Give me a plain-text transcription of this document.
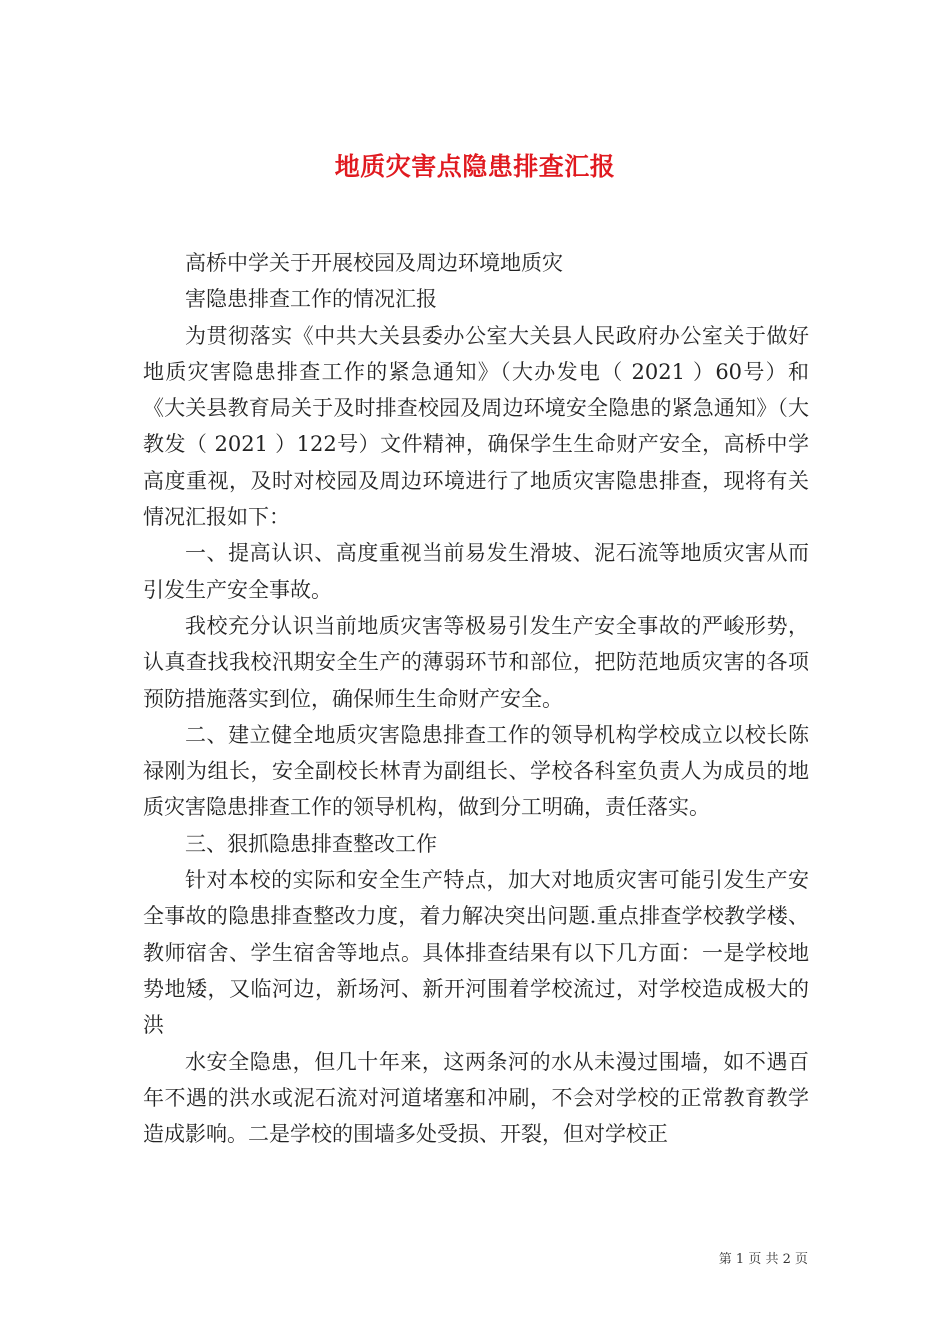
地质灾害点隐患排查汇报

高桥中学关于开展校园及周边环境地质灾

害隐患排查工作的情况汇报

为贯彻落实《中共大关县委办公室大关县人民政府办公室关于做好地质灾害隐患排查工作的紧急通知》（大办发电（ 2021 ）60号）和《大关县教育局关于及时排查校园及周边环境安全隐患的紧急通知》（大教发（ 2021 ）122号）文件精神，确保学生生命财产安全，高桥中学高度重视，及时对校园及周边环境进行了地质灾害隐患排查，现将有关情况汇报如下：

一、提高认识、高度重视当前易发生滑坡、泥石流等地质灾害从而引发生产安全事故。

我校充分认识当前地质灾害等极易引发生产安全事故的严峻形势，认真查找我校汛期安全生产的薄弱环节和部位，把防范地质灾害的各项预防措施落实到位，确保师生生命财产安全。

二、建立健全地质灾害隐患排查工作的领导机构学校成立以校长陈禄刚为组长，安全副校长林青为副组长、学校各科室负责人为成员的地质灾害隐患排查工作的领导机构，做到分工明确，责任落实。

三、狠抓隐患排查整改工作

针对本校的实际和安全生产特点，加大对地质灾害可能引发生产安全事故的隐患排查整改力度，着力解决突出问题.重点排查学校教学楼、教师宿舍、学生宿舍等地点。具体排查结果有以下几方面：一是学校地势地矮，又临河边，新场河、新开河围着学校流过，对学校造成极大的洪

水安全隐患，但几十年来，这两条河的水从未漫过围墙，如不遇百年不遇的洪水或泥石流对河道堵塞和冲刷，不会对学校的正常教育教学造成影响。二是学校的围墙多处受损、开裂，但对学校正

第 1 页 共 2 页
